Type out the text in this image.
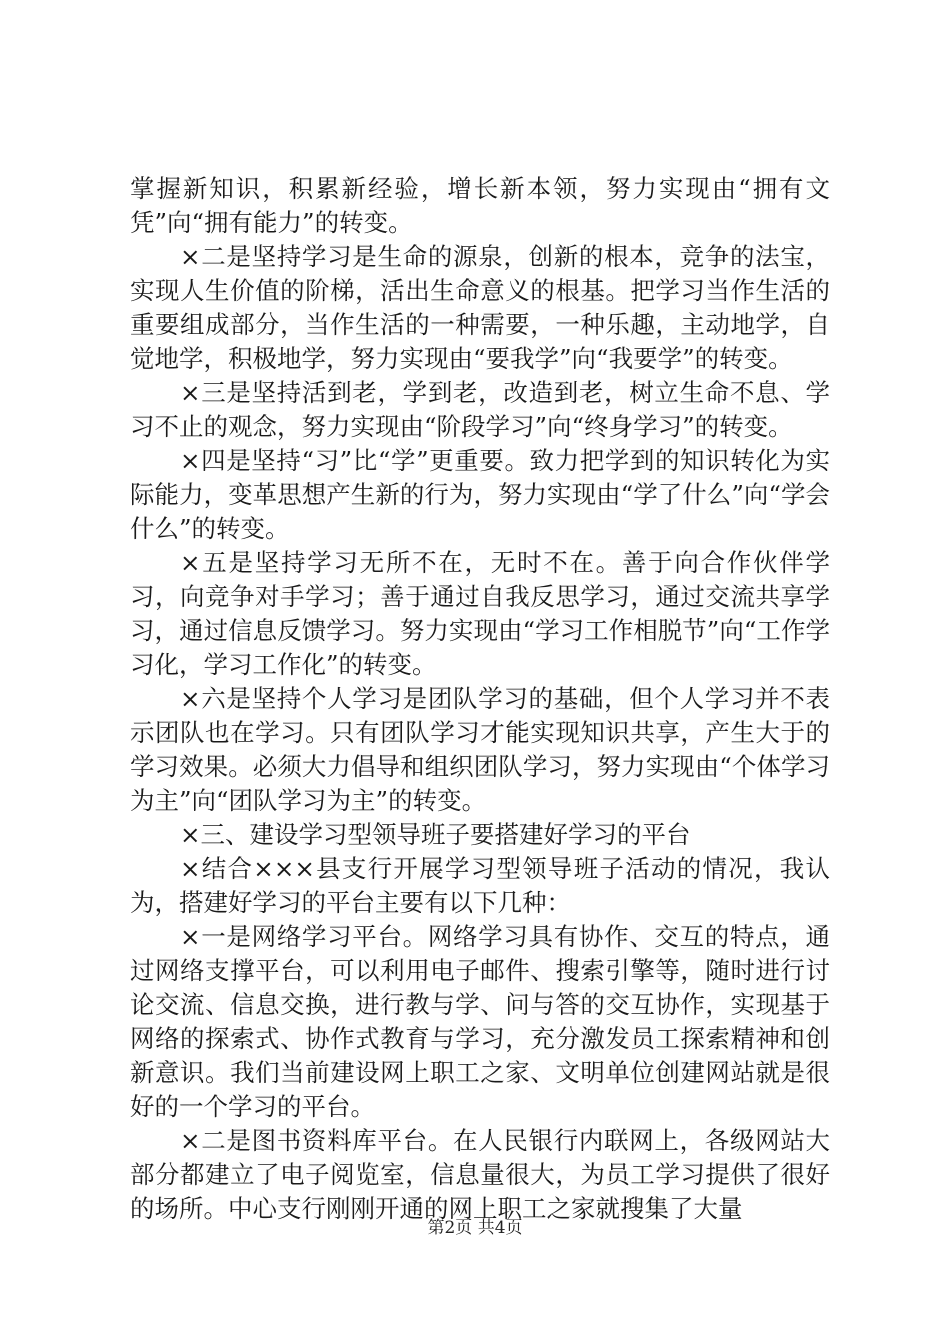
掌握新知识，积累新经验，增长新本领，努力实现由“拥有文凭”向“拥有能力”的转变。

×二是坚持学习是生命的源泉，创新的根本，竞争的法宝，实现人生价值的阶梯，活出生命意义的根基。把学习当作生活的重要组成部分，当作生活的一种需要，一种乐趣，主动地学，自觉地学，积极地学，努力实现由“要我学”向“我要学”的转变。

×三是坚持活到老，学到老，改造到老，树立生命不息、学习不止的观念，努力实现由“阶段学习”向“终身学习”的转变。

×四是坚持“习”比“学”更重要。致力把学到的知识转化为实际能力，变革思想产生新的行为，努力实现由“学了什么”向“学会什么”的转变。

×五是坚持学习无所不在，无时不在。善于向合作伙伴学习，向竞争对手学习；善于通过自我反思学习，通过交流共享学习，通过信息反馈学习。努力实现由“学习工作相脱节”向“工作学习化，学习工作化”的转变。

×六是坚持个人学习是团队学习的基础，但个人学习并不表示团队也在学习。只有团队学习才能实现知识共享，产生大于的学习效果。必须大力倡导和组织团队学习，努力实现由“个体学习为主”向“团队学习为主”的转变。

×三、建设学习型领导班子要搭建好学习的平台

×结合×××县支行开展学习型领导班子活动的情况，我认为，搭建好学习的平台主要有以下几种：

×一是网络学习平台。网络学习具有协作、交互的特点，通过网络支撑平台，可以利用电子邮件、搜索引擎等，随时进行讨论交流、信息交换，进行教与学、问与答的交互协作，实现基于网络的探索式、协作式教育与学习，充分激发员工探索精神和创新意识。我们当前建设网上职工之家、文明单位创建网站就是很好的一个学习的平台。

×二是图书资料库平台。在人民银行内联网上，各级网站大部分都建立了电子阅览室，信息量很大，为员工学习提供了很好的场所。中心支行刚刚开通的网上职工之家就搜集了大量

第2页 共4页
